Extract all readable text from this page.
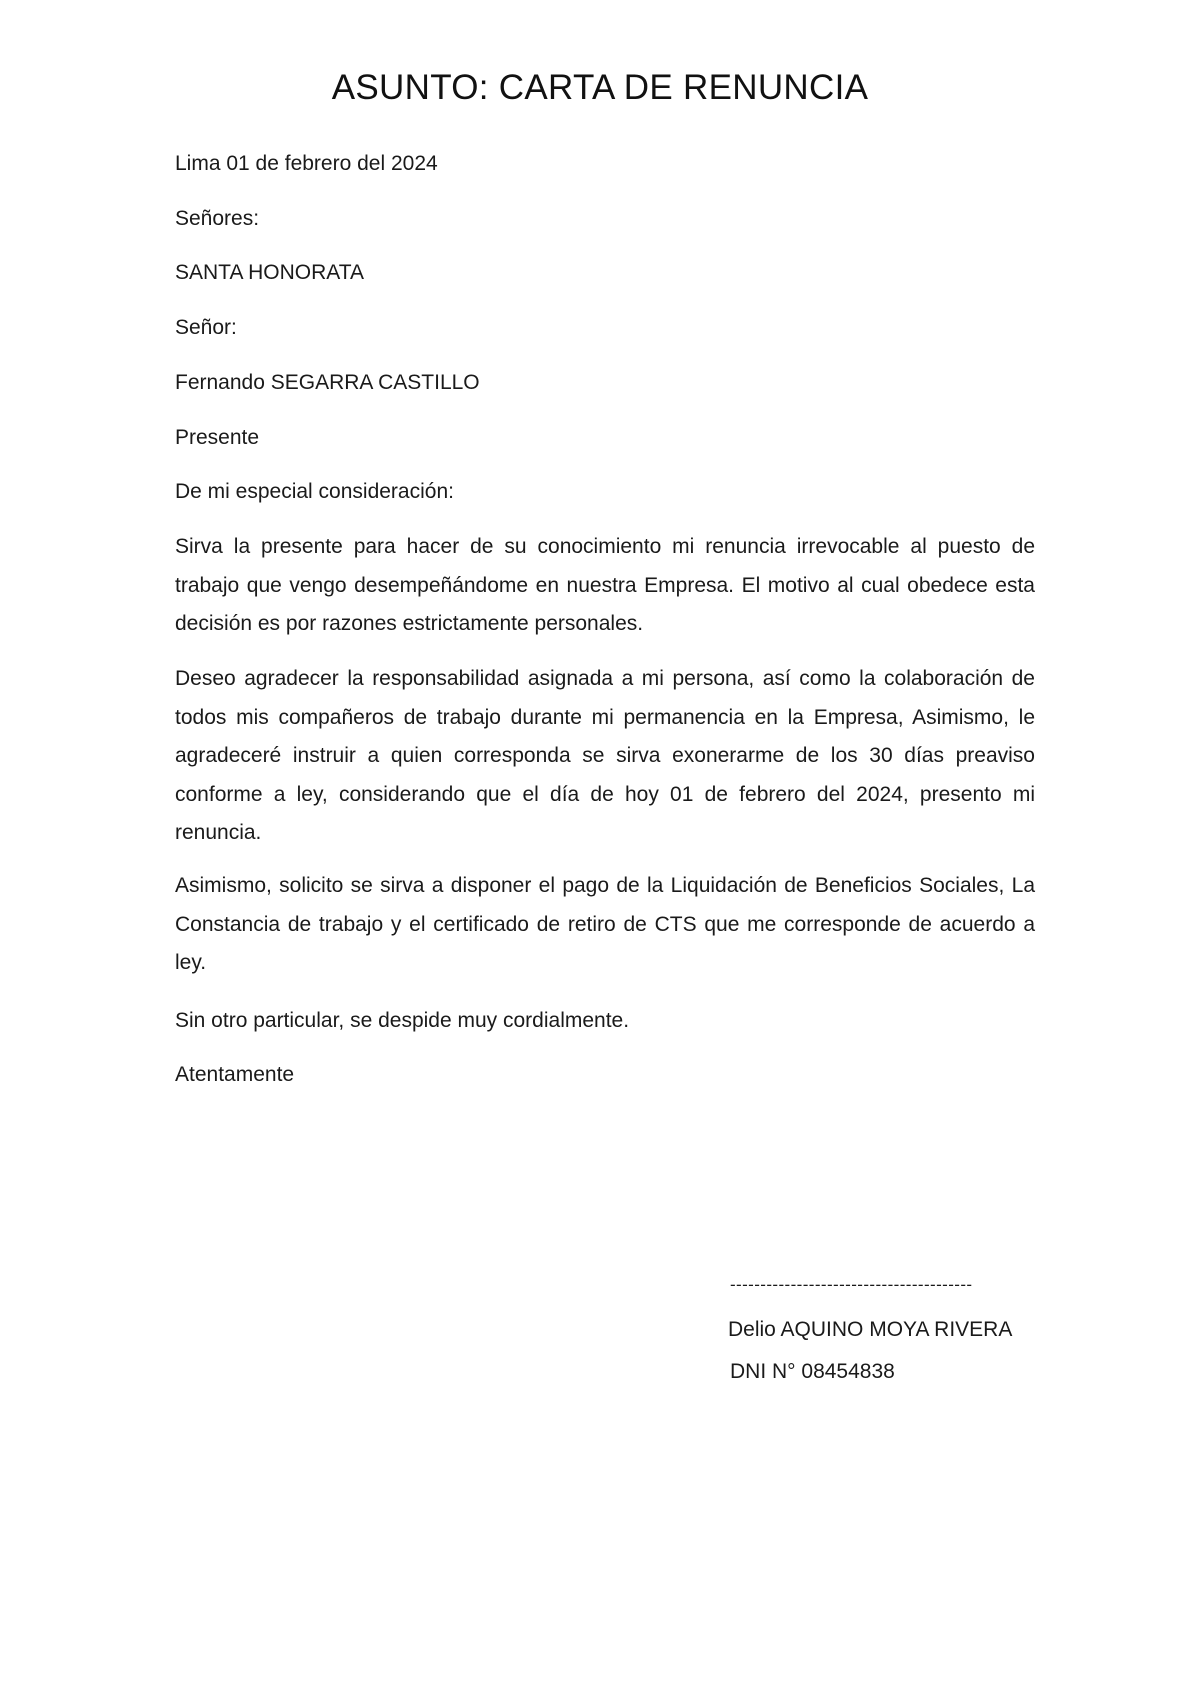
ASUNTO: CARTA DE RENUNCIA
Lima 01 de febrero del 2024
Señores:
SANTA HONORATA
Señor:
Fernando SEGARRA CASTILLO
Presente
De mi especial consideración:
Sirva la presente para hacer de su conocimiento mi renuncia irrevocable al puesto de trabajo que vengo desempeñándome en nuestra Empresa. El motivo al cual obedece esta decisión es por razones estrictamente personales.
Deseo agradecer la responsabilidad asignada a mi persona, así como la colaboración de todos mis compañeros de trabajo durante mi permanencia en la Empresa, Asimismo, le agradeceré instruir a quien corresponda se sirva exonerarme de los 30 días preaviso conforme a ley, considerando que el día de hoy 01 de febrero del 2024, presento mi renuncia.
Asimismo, solicito se sirva a disponer el pago de la Liquidación de Beneficios Sociales, La Constancia de trabajo y el certificado de retiro de CTS que me corresponde de acuerdo a ley.
Sin otro particular, se despide muy cordialmente.
Atentamente
----------------------------------------
Delio AQUINO MOYA RIVERA
DNI N° 08454838
